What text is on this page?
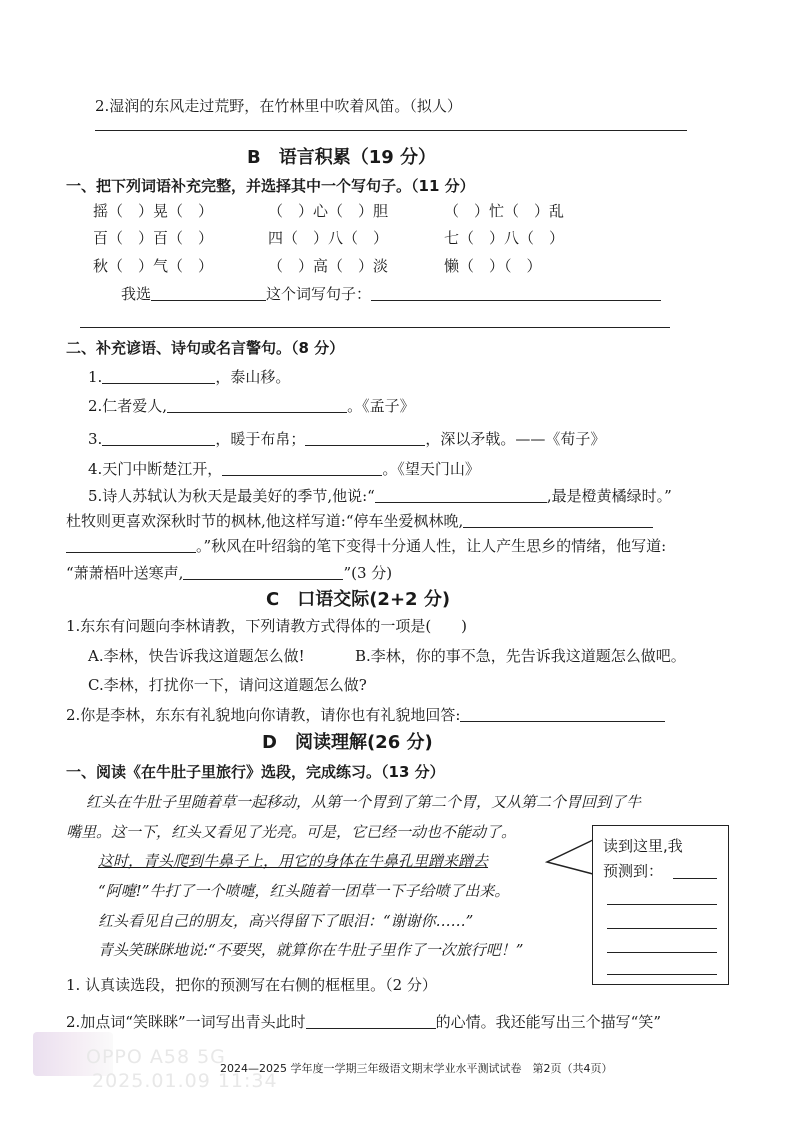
2.湿润的东风走过荒野，在竹林里中吹着风笛。（拟人）
B　语言积累（19 分）
一、把下列词语补充完整，并选择其中一个写句子。（11 分）
摇（　）晃（　）	（　）心（　）胆	（　）忙（　）乱
百（　）百（　）	四（　）八（　）	七（　）八（　）
秋（　）气（　）	（　）高（　）淡	懒（　）（　）
我选	这个词写句子：
二、补充谚语、诗句或名言警句。（8 分）
1.	，泰山移。
2.仁者爱人,	。《孟子》
3.	，暖于布帛；	，深以矛戟。——《荀子》
4.天门中断楚江开，	。《望天门山》
5.诗人苏轼认为秋天是最美好的季节,他说:“	,最是橙黄橘绿时。”
杜牧则更喜欢深秋时节的枫林,他这样写道:“停车坐爱枫林晚,
。”秋风在叶绍翁的笔下变得十分通人性，让人产生思乡的情绪，他写道:
“萧萧梧叶送寒声,	”(3 分)
C　口语交际(2+2 分)
1.东东有问题向李林请教，下列请教方式得体的一项是(　　)
A.李林，快告诉我这道题怎么做!	B.李林，你的事不急，先告诉我这道题怎么做吧。
C.李林，打扰你一下，请问这道题怎么做?
2.你是李林，东东有礼貌地向你请教，请你也有礼貌地回答:
D　阅读理解(26 分)
一、阅读《在牛肚子里旅行》选段，完成练习。（13 分）
红头在牛肚子里随着草一起移动，从第一个胃到了第二个胃，又从第二个胃回到了牛
嘴里。这一下，红头又看见了光亮。可是，它已经一动也不能动了。
这时，青头爬到牛鼻子上，用它的身体在牛鼻孔里蹭来蹭去
“阿嚏!”牛打了一个喷嚏，红头随着一团草一下子给喷了出来。
红头看见自己的朋友，高兴得留下了眼泪：“谢谢你……”
青头笑眯眯地说:“不要哭，就算你在牛肚子里作了一次旅行吧！”
读到这里,我
预测到：
1. 认真读选段，把你的预测写在右侧的框框里。（2 分）
2.加点词“笑眯眯”一词写出青头此时	的心情。我还能写出三个描写“笑”
OPPO A58 5G
2025.01.09 11:34
2024—2025 学年度一学期三年级语文期末学业水平测试试卷　第2页（共4页）
